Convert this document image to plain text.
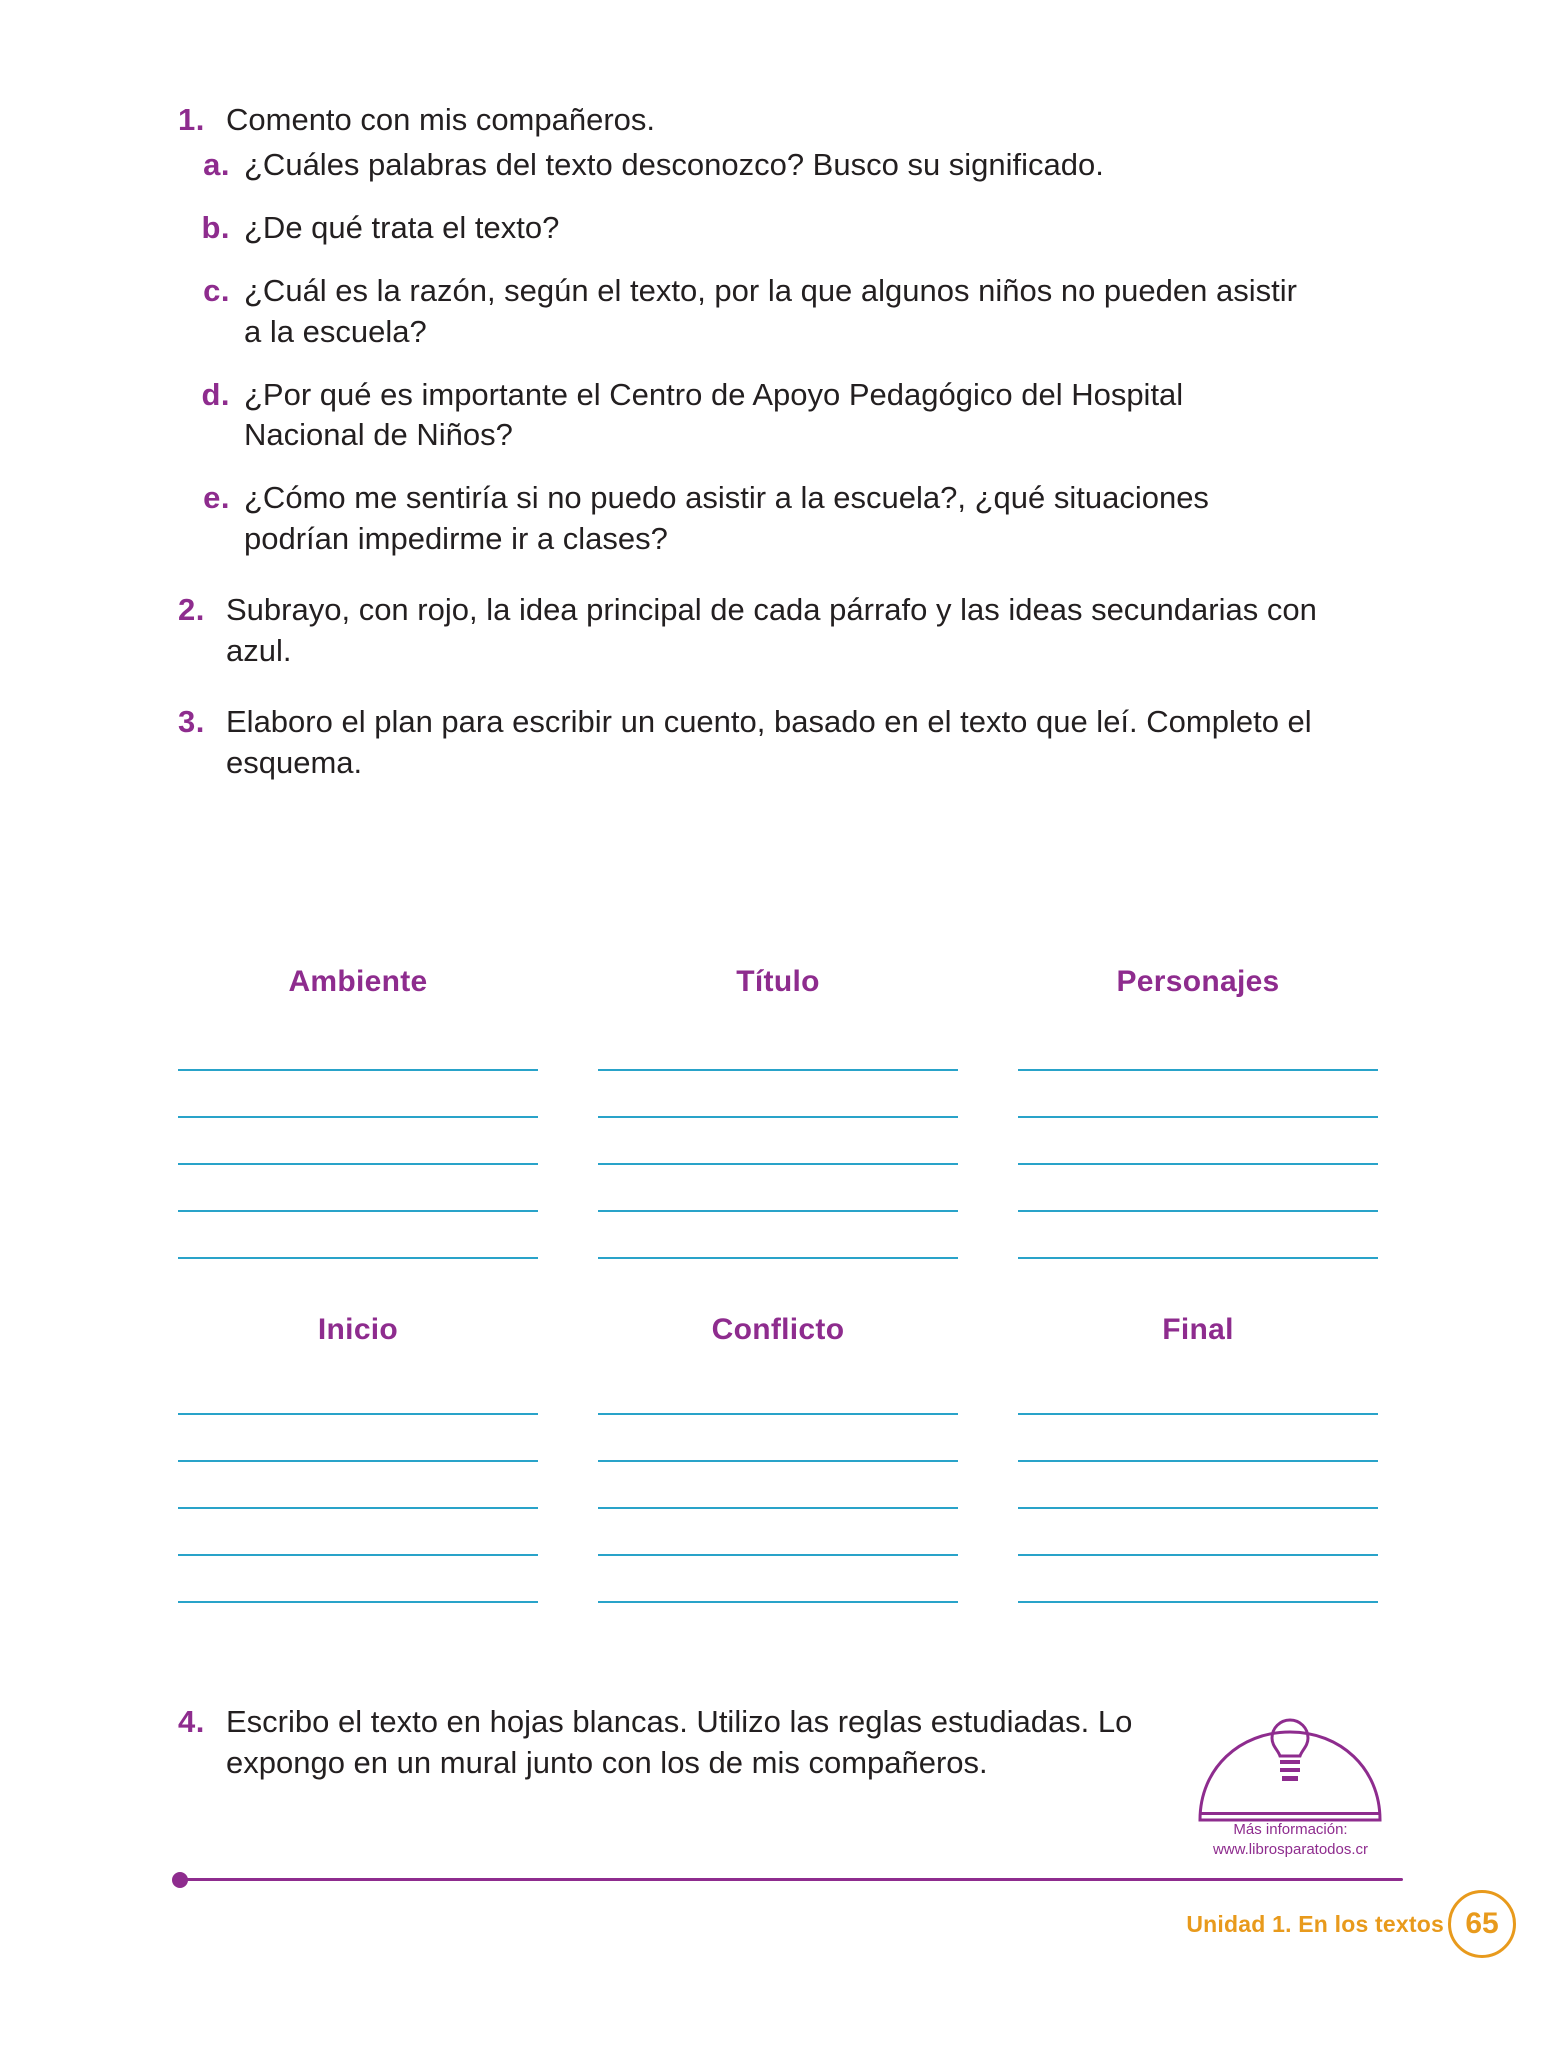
1. Comento con mis compañeros.
a. ¿Cuáles palabras del texto desconozco? Busco su significado.
b. ¿De qué trata el texto?
c. ¿Cuál es la razón, según el texto, por la que algunos niños no pueden asistir a la escuela?
d. ¿Por qué es importante el Centro de Apoyo Pedagógico del Hospital Nacional de Niños?
e. ¿Cómo me sentiría si no puedo asistir a la escuela?, ¿qué situaciones podrían impedirme ir a clases?
2. Subrayo, con rojo, la idea principal de cada párrafo y las ideas secundarias con azul.
3. Elaboro el plan para escribir un cuento, basado en el texto que leí. Completo el esquema.
Ambiente	Título	Personajes
Inicio	Conflicto	Final
4. Escribo el texto en hojas blancas. Utilizo las reglas estudiadas. Lo expongo en un mural junto con los de mis compañeros.
Más información:
www.librosparatodos.cr
Unidad 1. En los textos 65
